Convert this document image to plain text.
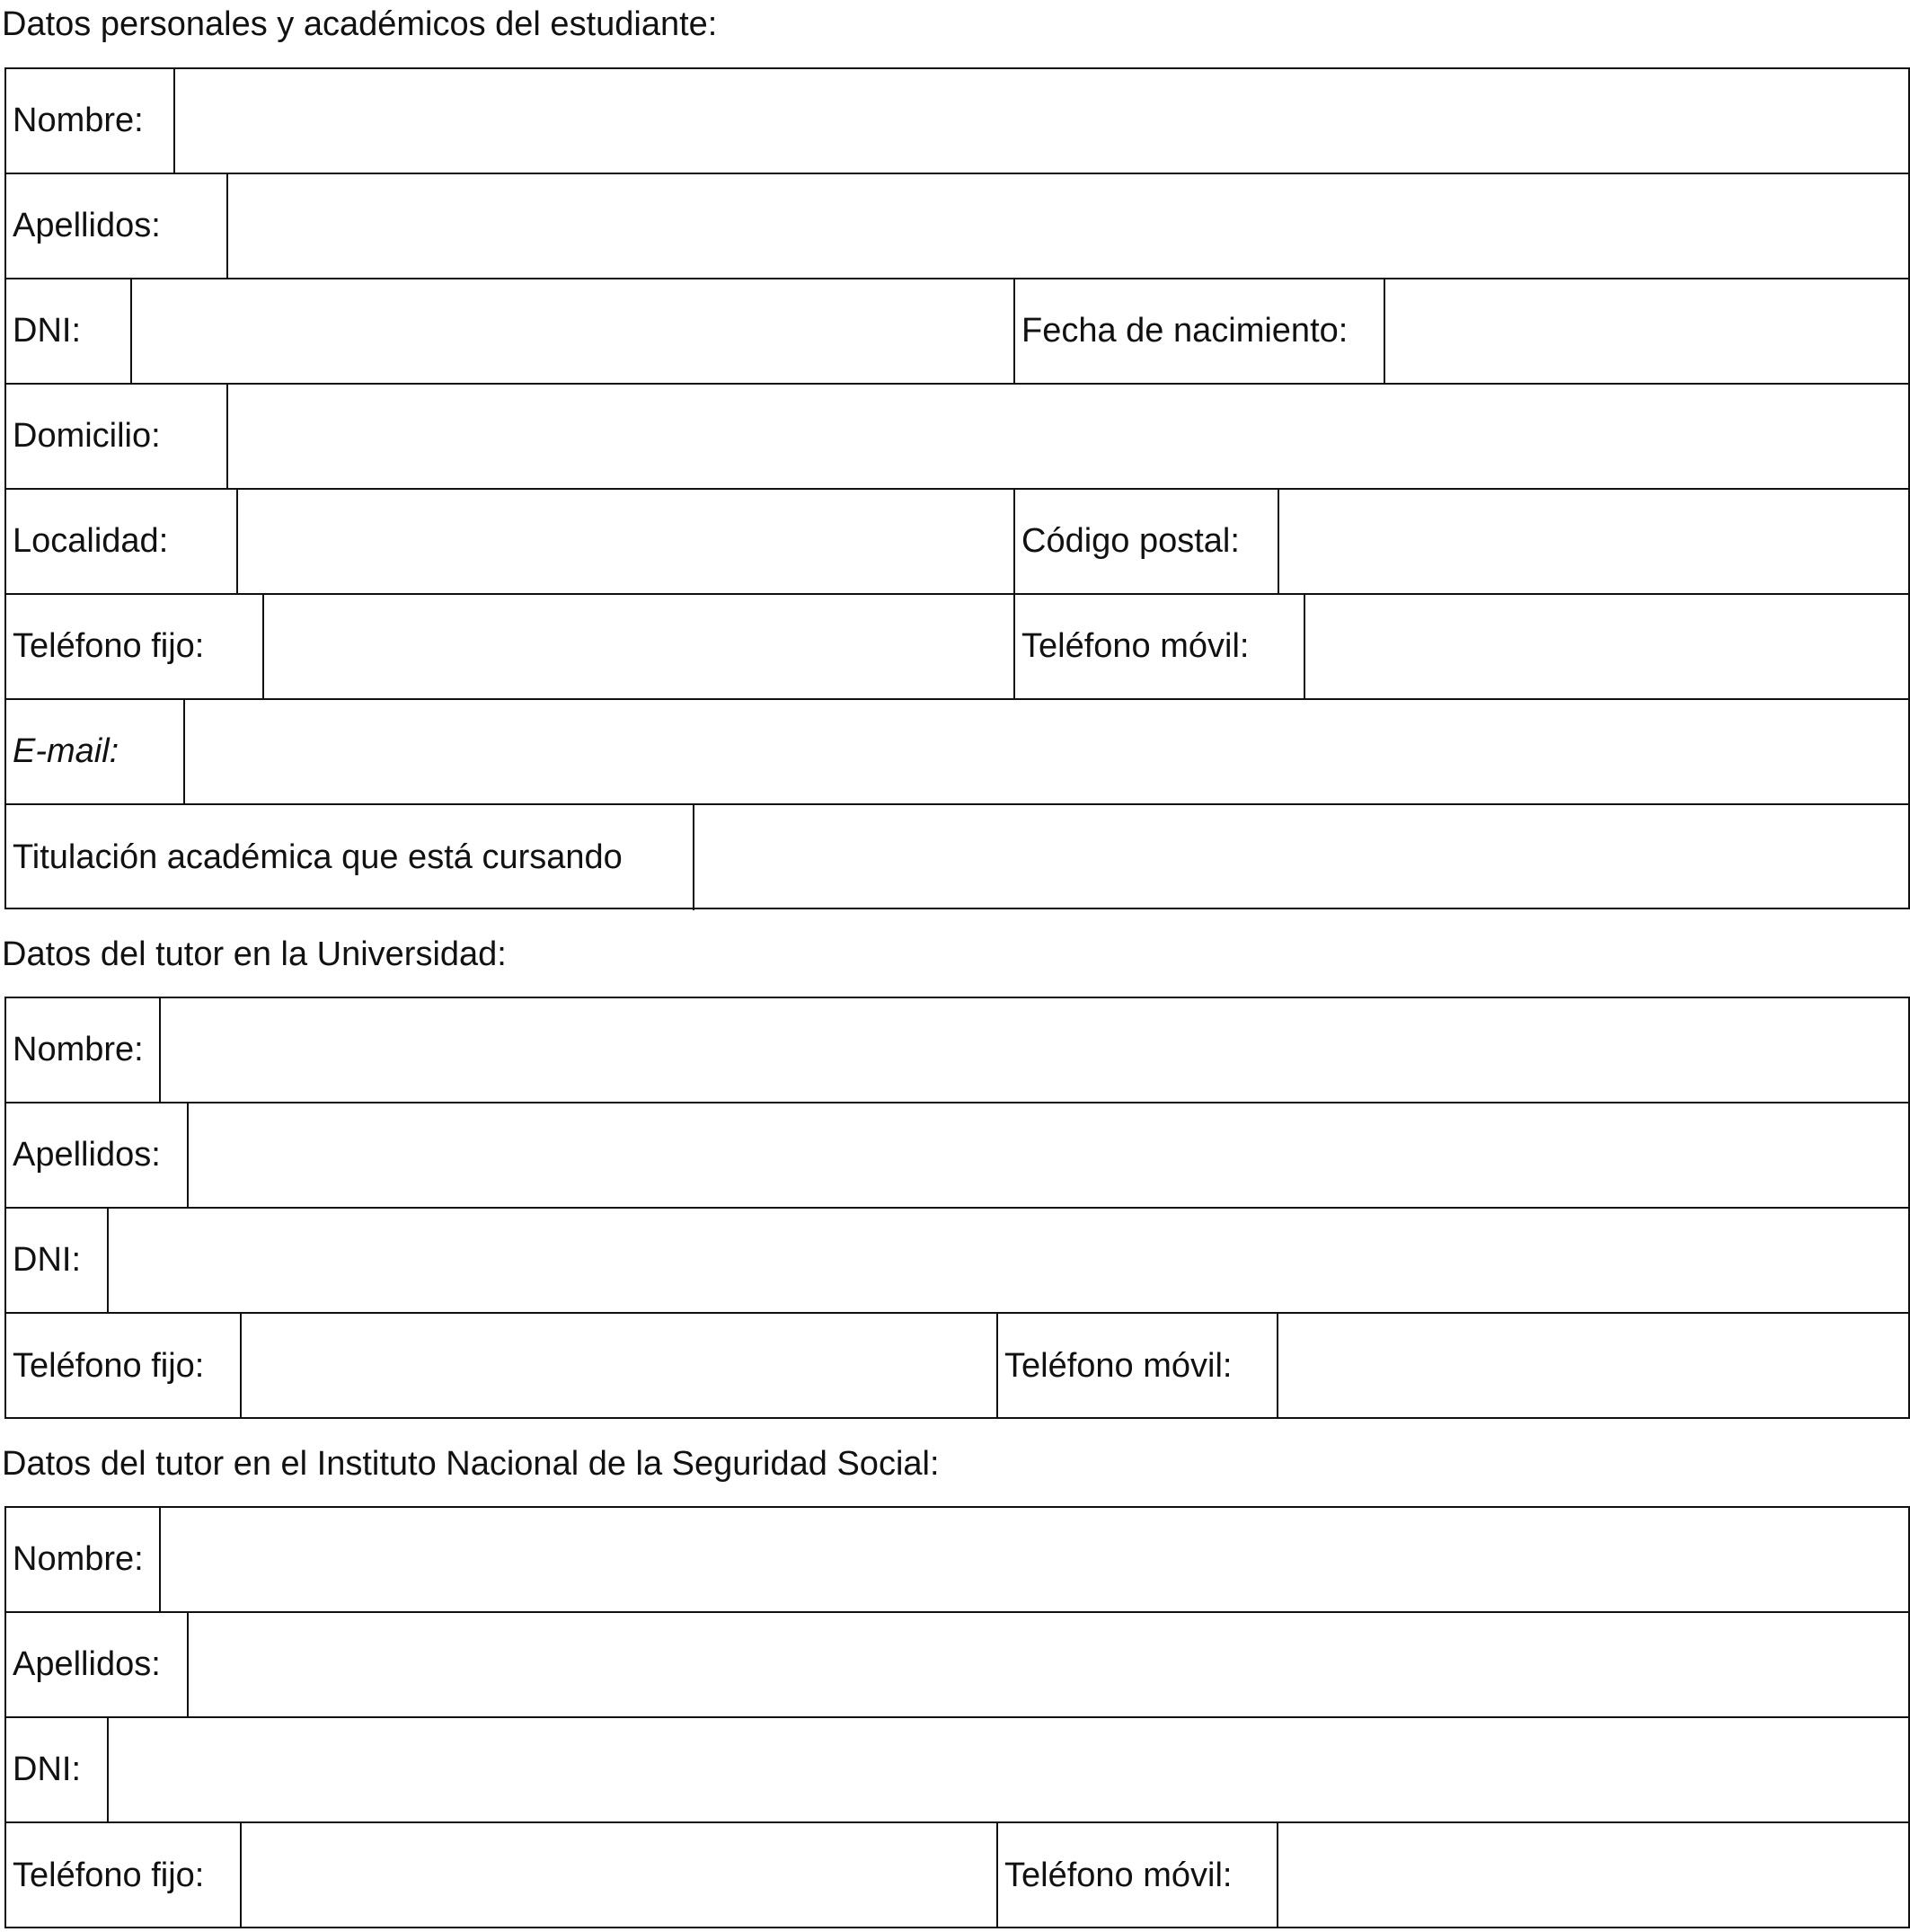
Datos personales y académicos del estudiante:
Nombre:
Apellidos:
DNI:	Fecha de nacimiento:
Domicilio:
Localidad:	Código postal:
Teléfono fijo:	Teléfono móvil:
E-mail:
Titulación académica que está cursando
Datos del tutor en la Universidad:
Nombre:
Apellidos:
DNI:
Teléfono fijo:	Teléfono móvil:
Datos del tutor en el Instituto Nacional de la Seguridad Social:
Nombre:
Apellidos:
DNI:
Teléfono fijo:	Teléfono móvil:
